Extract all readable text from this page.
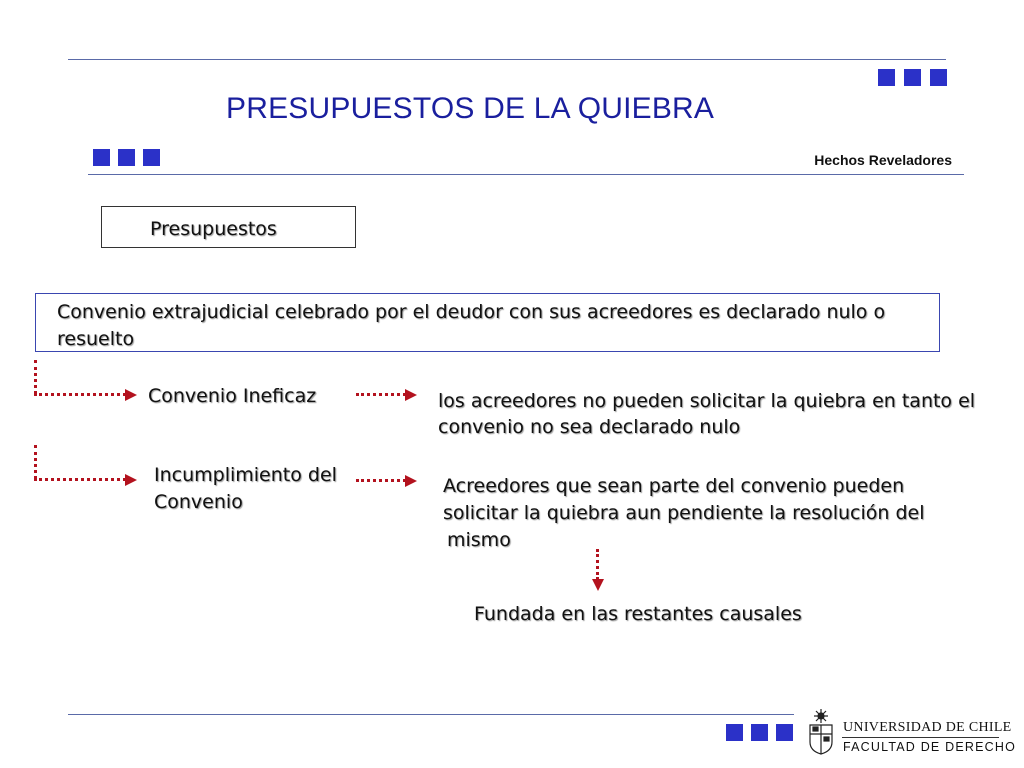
PRESUPUESTOS DE LA QUIEBRA
Hechos Reveladores
Presupuestos
Convenio extrajudicial celebrado por el deudor con sus acreedores es declarado nulo o
resuelto
Convenio Ineficaz	los acreedores no pueden solicitar la quiebra en tanto el
convenio no sea declarado nulo
Incumplimiento del
Convenio
Acreedores que sean parte del convenio pueden
solicitar la quiebra aun pendiente la resolución del
mismo
Fundada en las restantes causales
UNIVERSIDAD DE CHILE
FACULTAD DE DERECHO
